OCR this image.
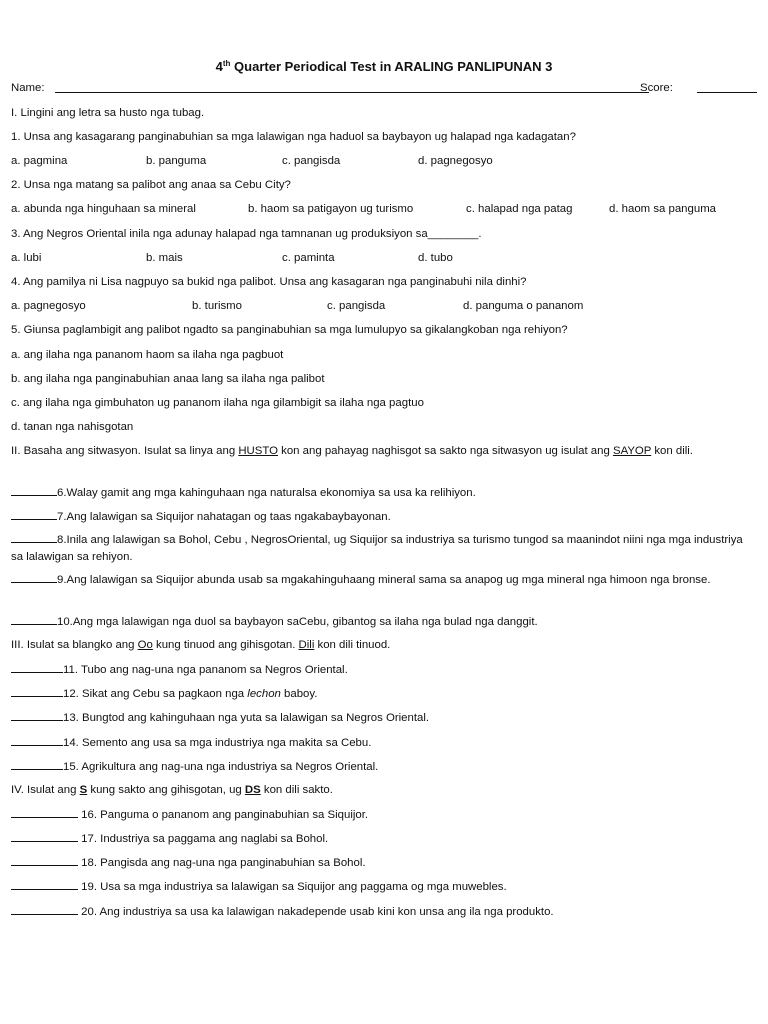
4th Quarter Periodical Test in ARALING PANLIPUNAN 3
Name:	Score:
I. Lingini ang letra sa husto nga tubag.
1. Unsa ang kasagarang panginabuhian sa mga lalawigan nga haduol sa baybayon ug halapad nga kadagatan?
a. pagmina	b. panguma	c. pangisda	d. pagnegosyo
2. Unsa nga matang sa palibot ang anaa sa Cebu City?
a. abunda nga hinguhaan sa mineral	b. haom sa patigayon ug turismo	c. halapad nga patag	d. haom sa panguma
3. Ang Negros Oriental inila nga adunay halapad nga tamnanan ug produksiyon sa________.
a. lubi	b. mais	c. paminta	d. tubo
4. Ang pamilya ni Lisa nagpuyo sa bukid nga palibot. Unsa ang kasagaran nga panginabuhi nila dinhi?
a. pagnegosyo	b. turismo	c. pangisda	d. panguma o pananom
5. Giunsa paglambigit ang palibot ngadto sa panginabuhian sa mga lumulupyo sa gikalangkoban nga rehiyon?
a. ang ilaha nga pananom haom sa ilaha nga pagbuot
b. ang ilaha nga panginabuhian anaa lang sa ilaha nga palibot
c. ang ilaha nga gimbuhaton ug pananom ilaha nga gilambigit sa ilaha nga pagtuo
d. tanan nga nahisgotan
II. Basaha ang sitwasyon. Isulat sa linya ang HUSTO kon ang pahayag naghisgot sa sakto nga sitwasyon ug isulat ang SAYOP kon dili.
6.Walay gamit ang mga kahinguhaan nga naturalsa ekonomiya sa usa ka relihiyon.
7.Ang lalawigan sa Siquijor nahatagan og taas ngakabaybayonan.
8.Inila ang lalawigan sa Bohol, Cebu , NegrosOriental, ug Siquijor sa industriya sa turismo tungod sa maanindot niini nga mga industriya sa lalawigan sa rehiyon.
9.Ang lalawigan sa Siquijor abunda usab sa mgakahinguhaang mineral sama sa anapog ug mga mineral nga himoon nga bronse.
10.Ang mga lalawigan nga duol sa baybayon saCebu, gibantog sa ilaha nga bulad nga danggit.
III. Isulat sa blangko ang Oo kung tinuod ang gihisgotan. Dili kon dili tinuod.
11. Tubo ang nag-una nga pananom sa Negros Oriental.
12. Sikat ang Cebu sa pagkaon nga lechon baboy.
13. Bungtod ang kahinguhaan nga yuta sa lalawigan sa Negros Oriental.
14. Semento ang usa sa mga industriya nga makita sa Cebu.
15. Agrikultura ang nag-una nga industriya sa Negros Oriental.
IV. Isulat ang S kung sakto ang gihisgotan, ug DS kon dili sakto.
16. Panguma o pananom ang panginabuhian sa Siquijor.
17. Industriya sa paggama ang naglabi sa Bohol.
18. Pangisda ang nag-una nga panginabuhian sa Bohol.
19. Usa sa mga industriya sa lalawigan sa Siquijor ang paggama og mga muwebles.
20. Ang industriya sa usa ka lalawigan nakadepende usab kini kon unsa ang ila nga produkto.
